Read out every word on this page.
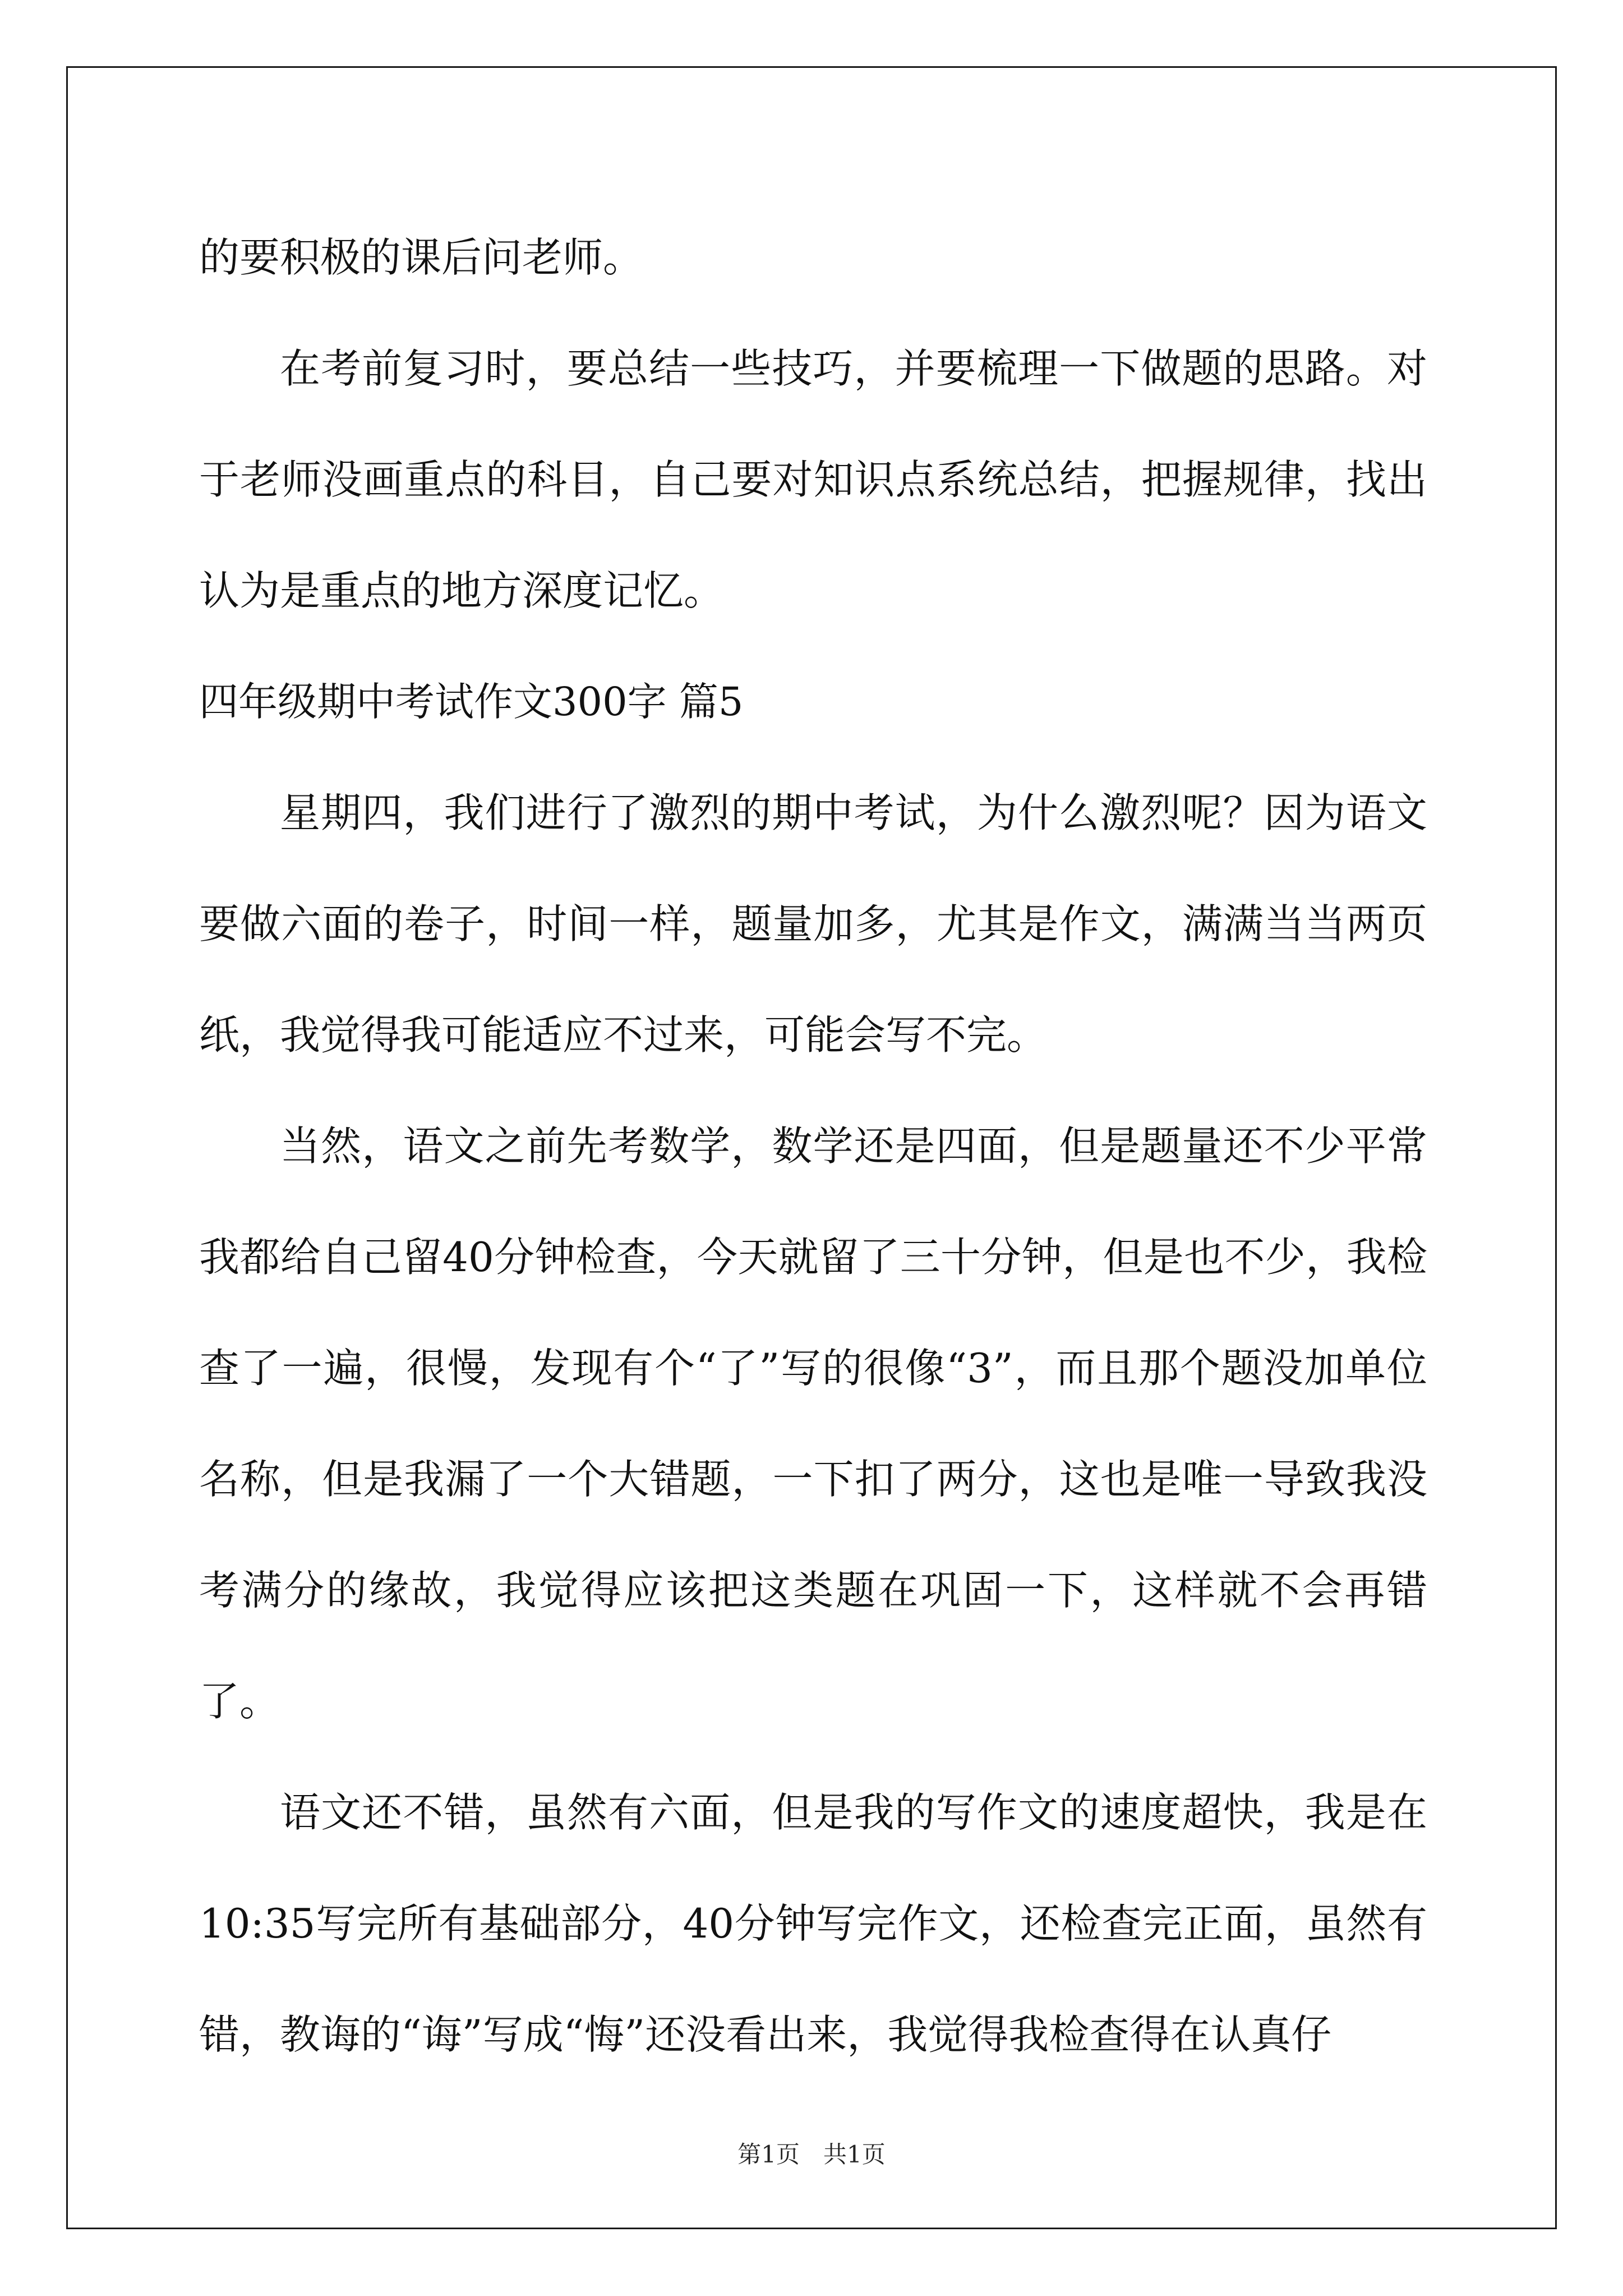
的要积极的课后问老师。

在考前复习时，要总结一些技巧，并要梳理一下做题的思路。对于老师没画重点的科目，自己要对知识点系统总结，把握规律，找出认为是重点的地方深度记忆。

四年级期中考试作文300字 篇5

星期四，我们进行了激烈的期中考试，为什么激烈呢？因为语文要做六面的卷子，时间一样，题量加多，尤其是作文，满满当当两页纸，我觉得我可能适应不过来，可能会写不完。

当然，语文之前先考数学，数学还是四面，但是题量还不少平常我都给自己留40分钟检查，今天就留了三十分钟，但是也不少，我检查了一遍，很慢，发现有个“了”写的很像“3”，而且那个题没加单位名称，但是我漏了一个大错题，一下扣了两分，这也是唯一导致我没考满分的缘故，我觉得应该把这类题在巩固一下，这样就不会再错了。

语文还不错，虽然有六面，但是我的写作文的速度超快，我是在10:35写完所有基础部分，40分钟写完作文，还检查完正面，虽然有错，教诲的“诲”写成“悔”还没看出来，我觉得我检查得在认真仔

第1页　共1页
